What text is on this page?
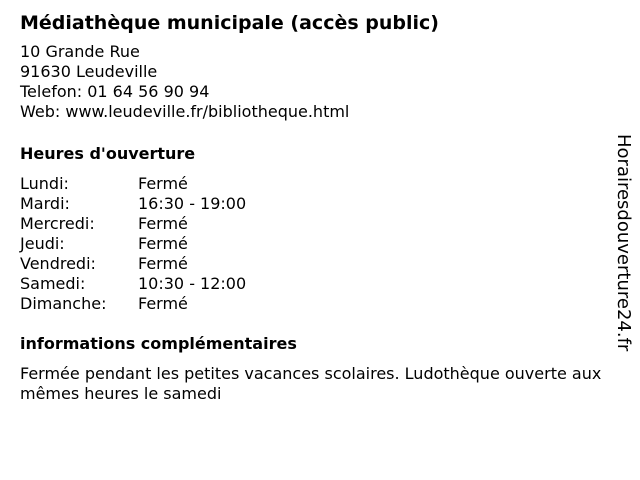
Médiathèque municipale (accès public)
10 Grande Rue
91630 Leudeville
Telefon: 01 64 56 90 94
Web: www.leudeville.fr/bibliotheque.html
Heures d'ouverture
Lundi:	Fermé
Mardi:	16:30 - 19:00
Mercredi:	Fermé
Jeudi:	Fermé
Vendredi:	Fermé
Samedi:	10:30 - 12:00
Dimanche:	Fermé
informations complémentaires
Fermée pendant les petites vacances scolaires. Ludothèque ouverte aux mêmes heures le samedi
Horairesdouverture24.fr
